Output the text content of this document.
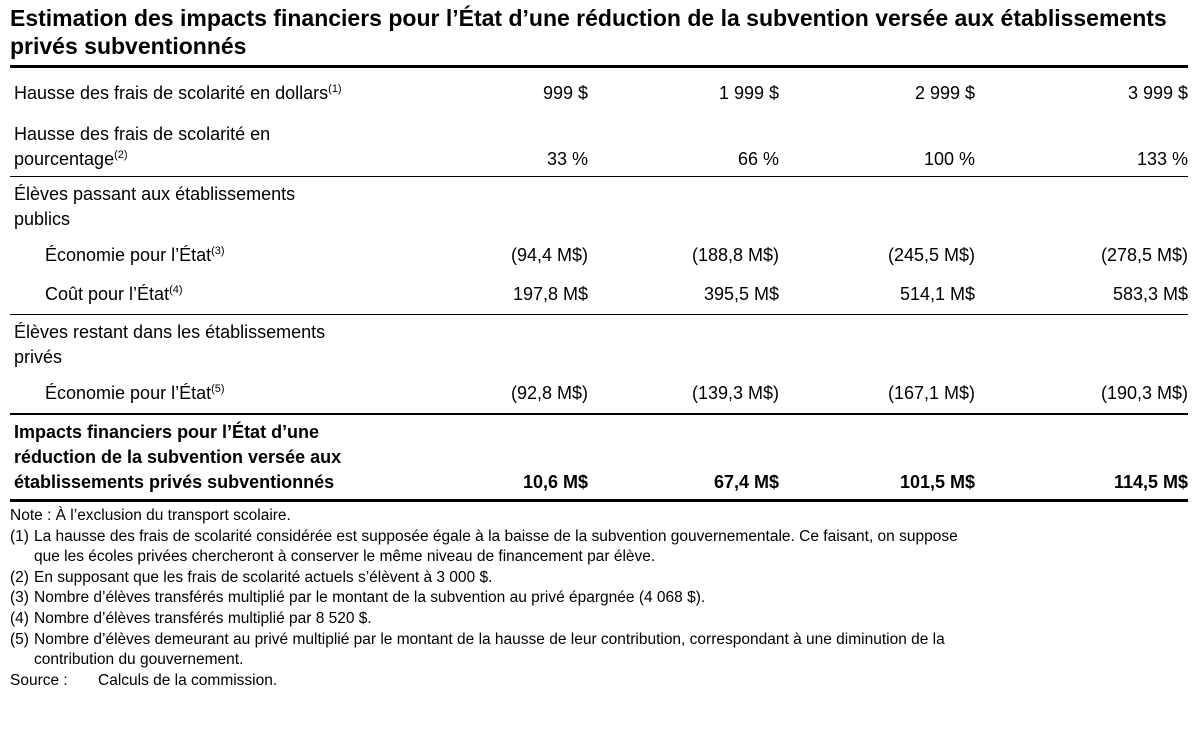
Estimation des impacts financiers pour l’État d’une réduction de la subvention versée aux établissements privés subventionnés
Hausse des frais de scolarité en dollars$^{(1)}$	999 $	1 999 $	2 999 $	3 999 $
Hausse des frais de scolarité en
pourcentage$^{(2)}$	33 %	66 %	100 %	133 %
Élèves passant aux établissements
publics
Économie pour l’État$^{(3)}$	(94,4 M$)	(188,8 M$)	(245,5 M$)	(278,5 M$)
Coût pour l’État$^{(4)}$	197,8 M$	395,5 M$	514,1 M$	583,3 M$
Élèves restant dans les établissements
privés
Économie pour l’État$^{(5)}$	(92,8 M$)	(139,3 M$)	(167,1 M$)	(190,3 M$)
Impacts financiers pour l’État d’une
réduction de la subvention versée aux
établissements privés subventionnés	10,6 M$	67,4 M$	101,5 M$	114,5 M$
Note : À l’exclusion du transport scolaire.
(1) La hausse des frais de scolarité considérée est supposée égale à la baisse de la subvention gouvernementale. Ce faisant, on suppose
que les écoles privées chercheront à conserver le même niveau de financement par élève.
(2) En supposant que les frais de scolarité actuels s’élèvent à 3 000 $.
(3) Nombre d’élèves transférés multiplié par le montant de la subvention au privé épargnée (4 068 $).
(4) Nombre d’élèves transférés multiplié par 8 520 $.
(5) Nombre d’élèves demeurant au privé multiplié par le montant de la hausse de leur contribution, correspondant à une diminution de la
contribution du gouvernement.
Source :	Calculs de la commission.
